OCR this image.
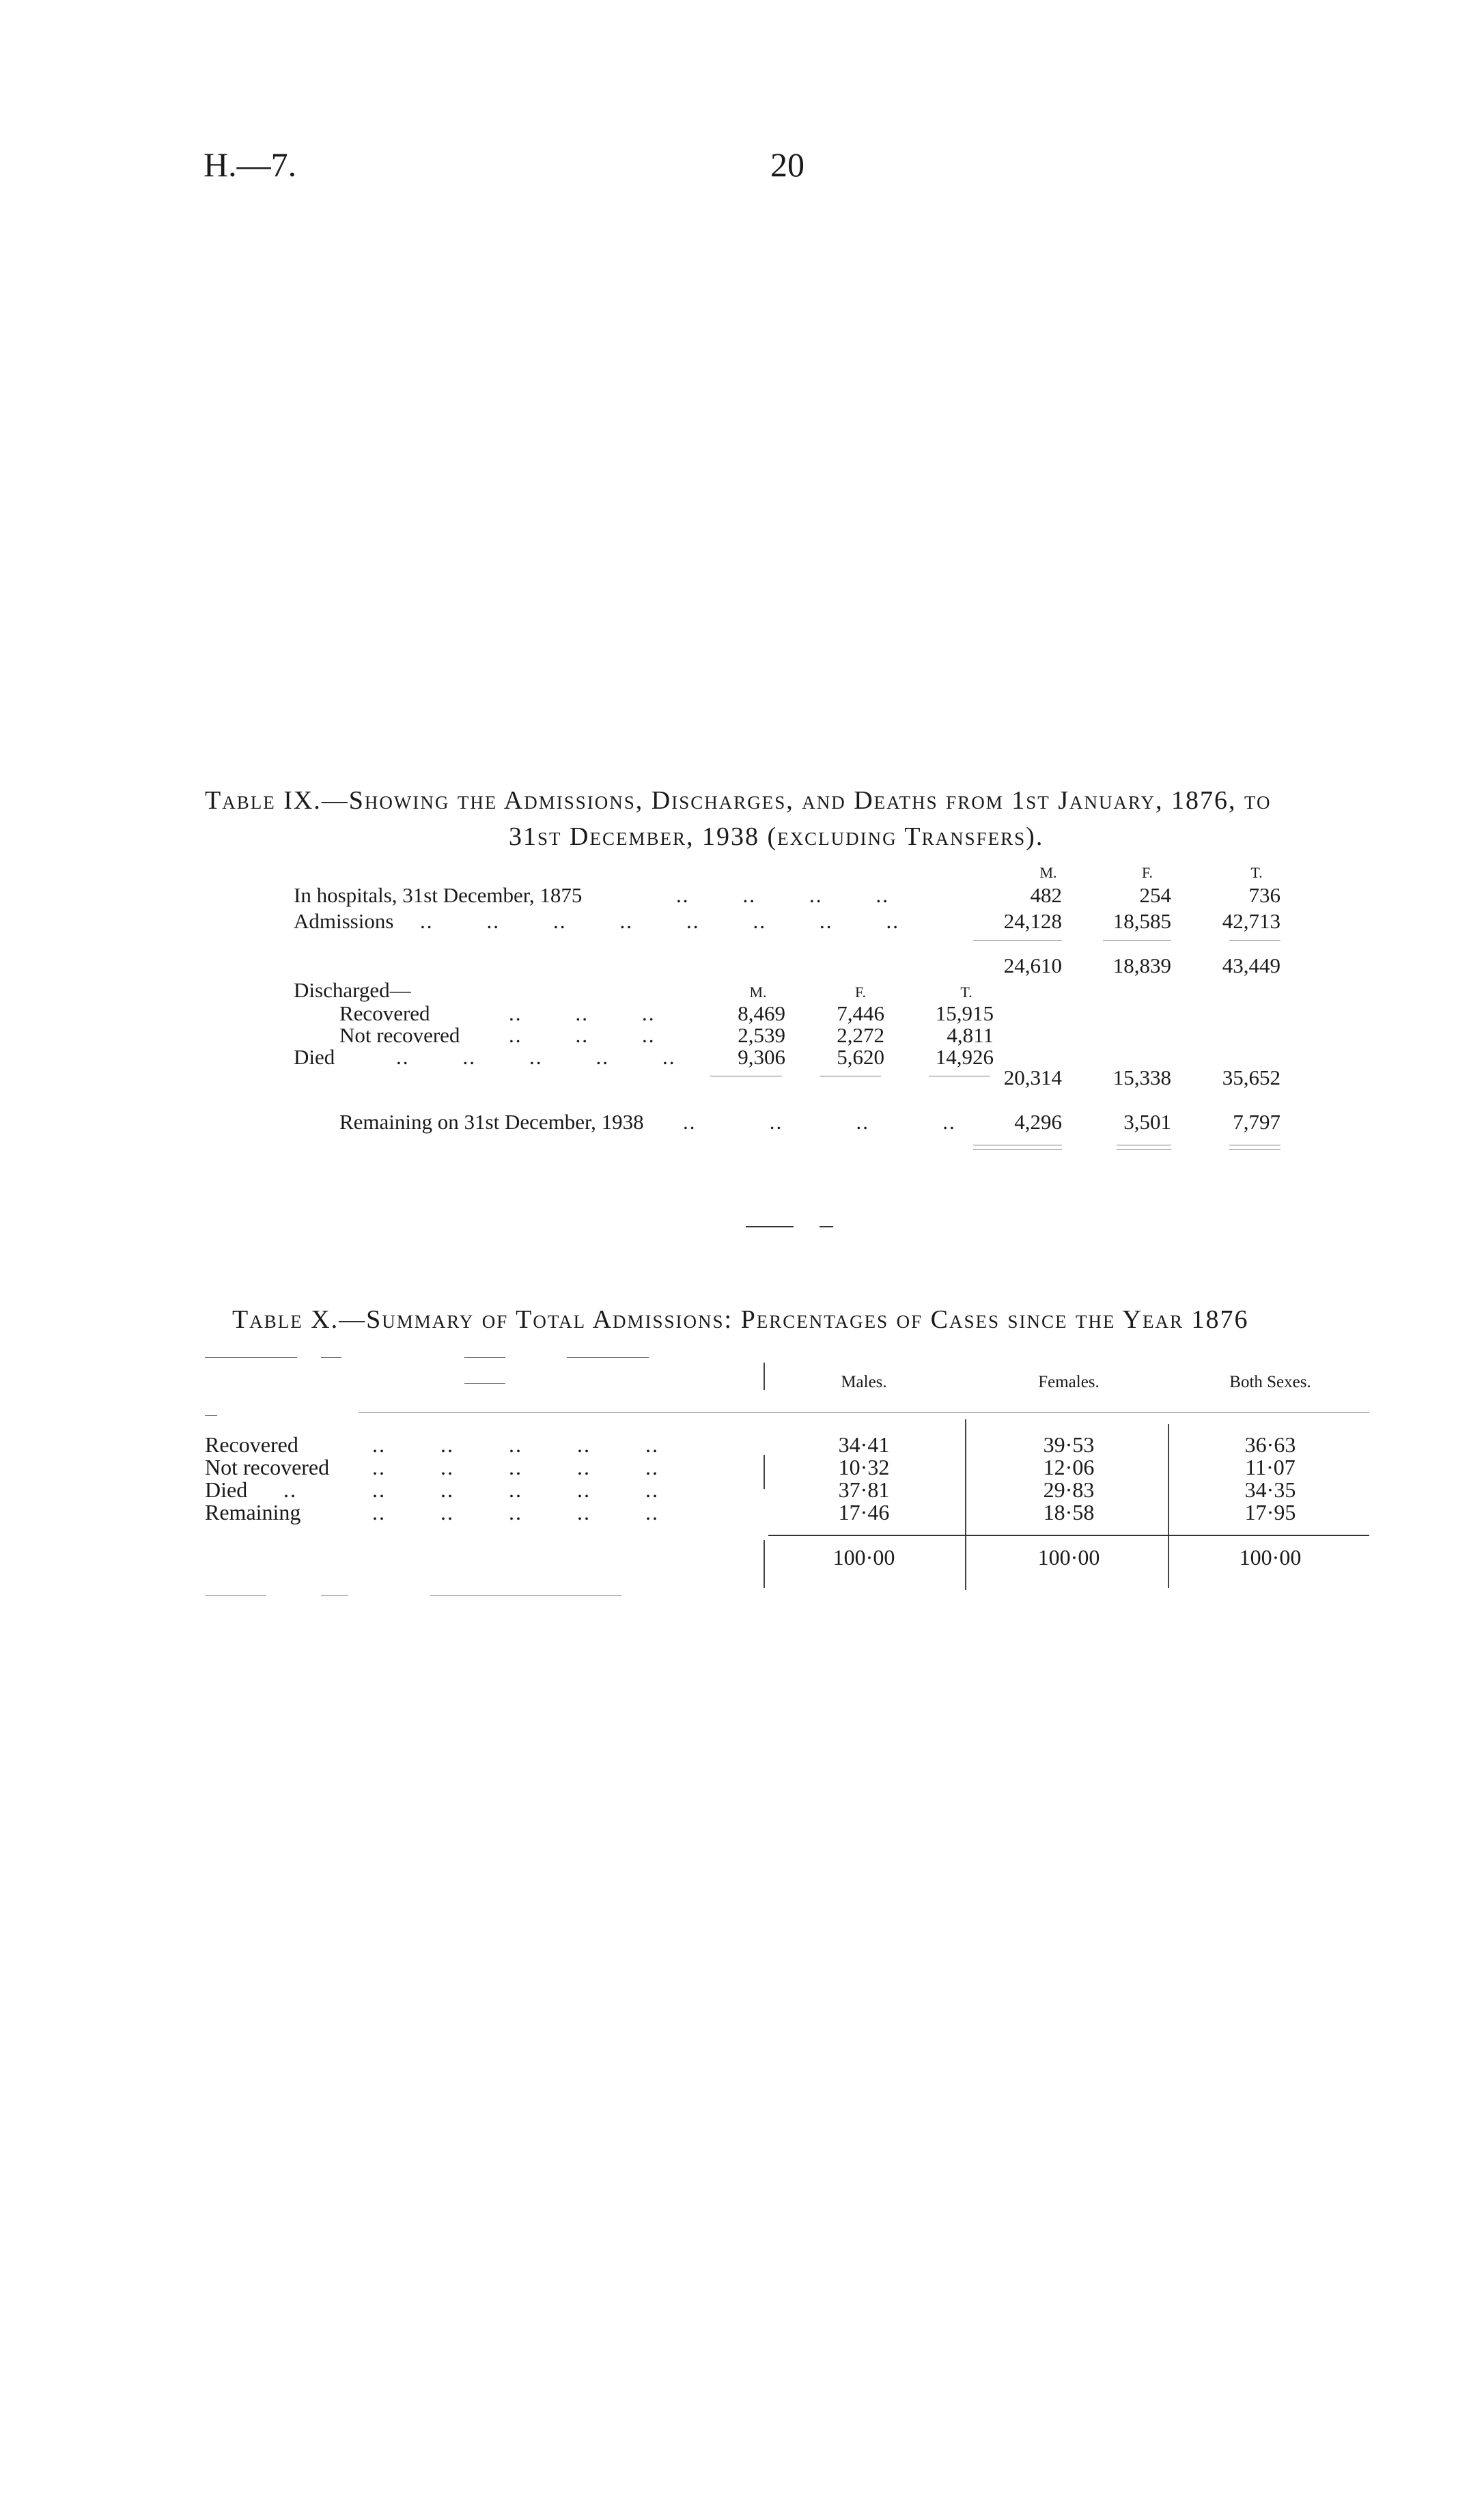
H.—7.	20
Table IX.—Showing the Admissions, Discharges, and Deaths from 1st January, 1876, to
31st December, 1938 (excluding Transfers).
M.	F.	T.
In hospitals, 31st December, 1875	..        ..        ..        ..	482	254	736
Admissions ..        ..        ..        ..        ..        ..        ..        ..	24,128	18,585	42,713
24,610	18,839	43,449
Discharged—	M.	F.	T.
Recovered	..        ..        ..	8,469	7,446	15,915
Not recovered ..        ..        ..	2,539	2,272	4,811
Died	..        ..        ..        ..        ..	9,306	5,620	14,926
20,314	15,338	35,652
Remaining on 31st December, 1938 ..           ..           ..           ..	4,296	3,501	7,797
Table X.—Summary of Total Admissions: Percentages of Cases since the Year 1876
Males.	Females.	Both Sexes.
Recovered	..        ..        ..        ..        ..	34·41	39·53	36·63
Not recovered ..        ..        ..        ..        ..	10·32	12·06	11·07
Died ..           ..        ..        ..        ..        ..	37·81	29·83	34·35
Remaining	..        ..        ..        ..        ..	17·46	18·58	17·95
100·00	100·00	100·00
